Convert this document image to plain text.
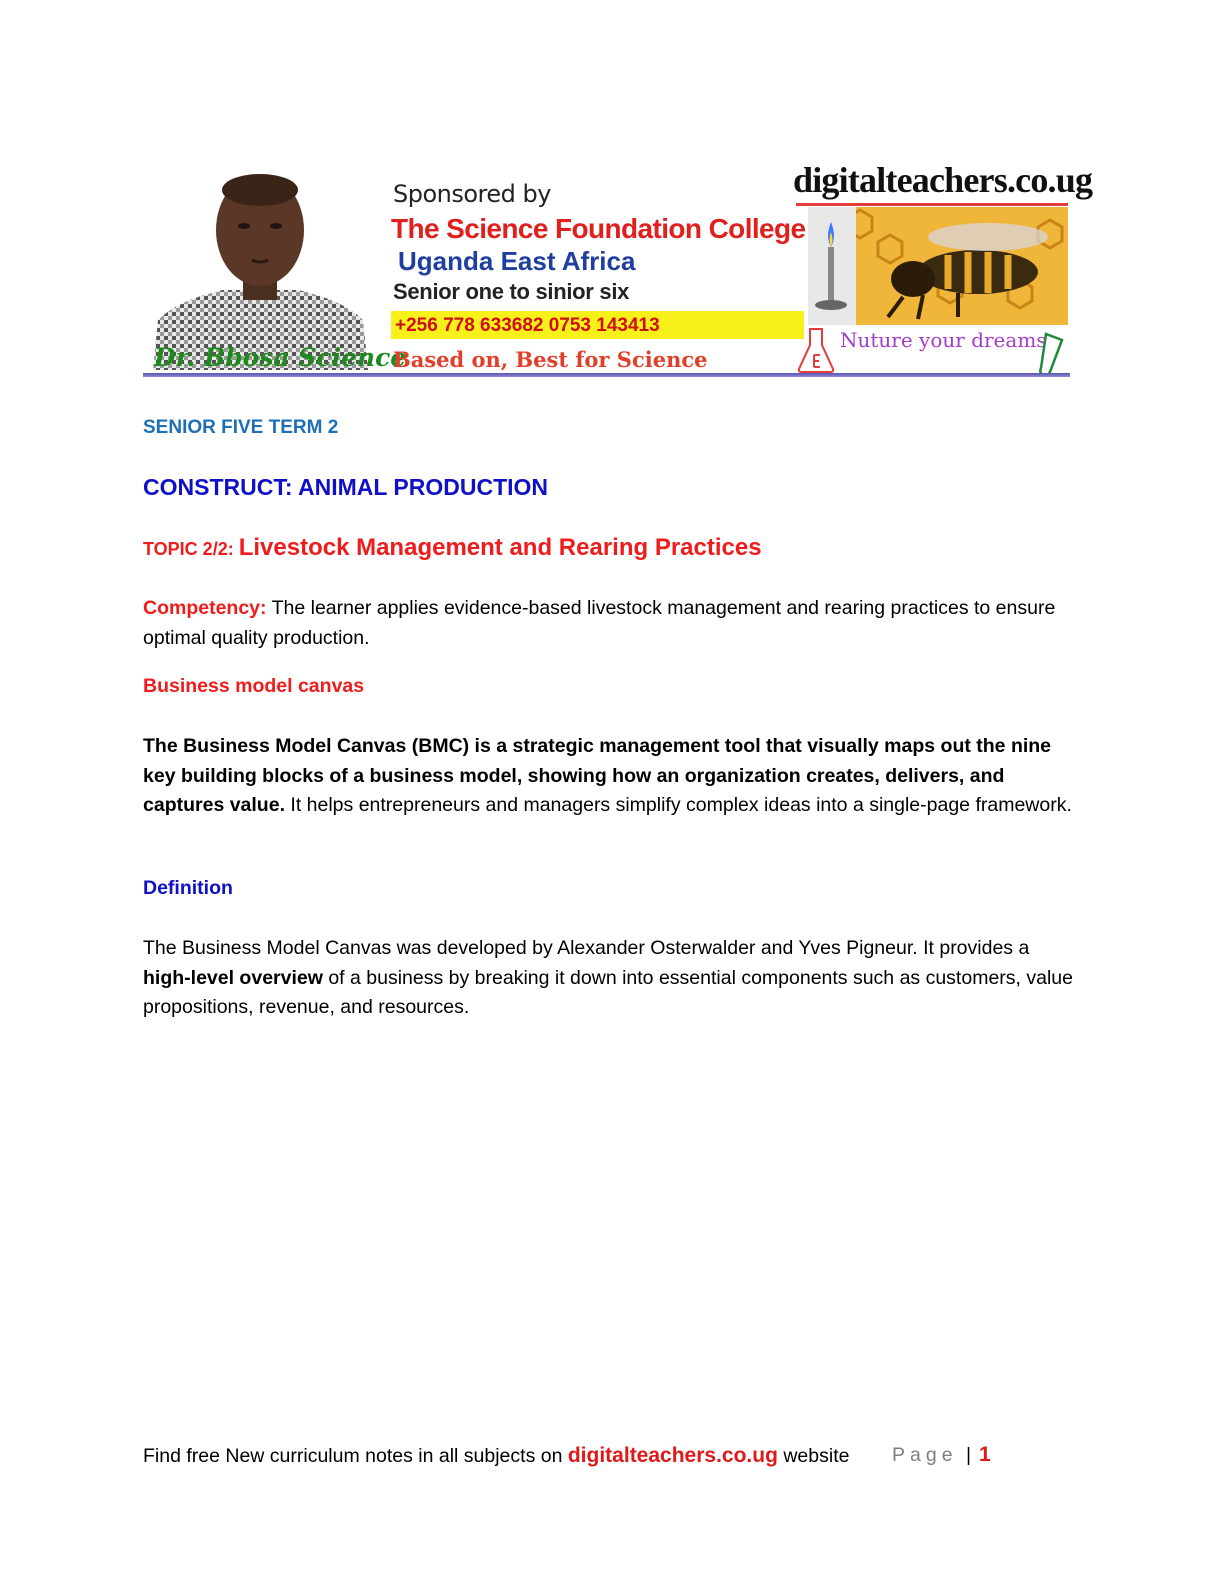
Dr. Bbosa Science
Sponsored by
The Science Foundation College
Uganda East Africa
Senior one to sinior six
+256 778 633682 0753 143413
Based on, Best for Science
digitalteachers.co.ug
Nuture your dreams
SENIOR FIVE TERM 2
CONSTRUCT: ANIMAL PRODUCTION
TOPIC 2/2: Livestock Management and Rearing Practices
Competency: The learner applies evidence-based livestock management and rearing practices to ensure optimal quality production.
Business model canvas
The Business Model Canvas (BMC) is a strategic management tool that visually maps out the nine key building blocks of a business model, showing how an organization creates, delivers, and captures value. It helps entrepreneurs and managers simplify complex ideas into a single-page framework.
Definition
The Business Model Canvas was developed by Alexander Osterwalder and Yves Pigneur. It provides a high-level overview of a business by breaking it down into essential components such as customers, value propositions, revenue, and resources.
Find free New curriculum notes in all subjects on digitalteachers.co.ug website Page | 1
